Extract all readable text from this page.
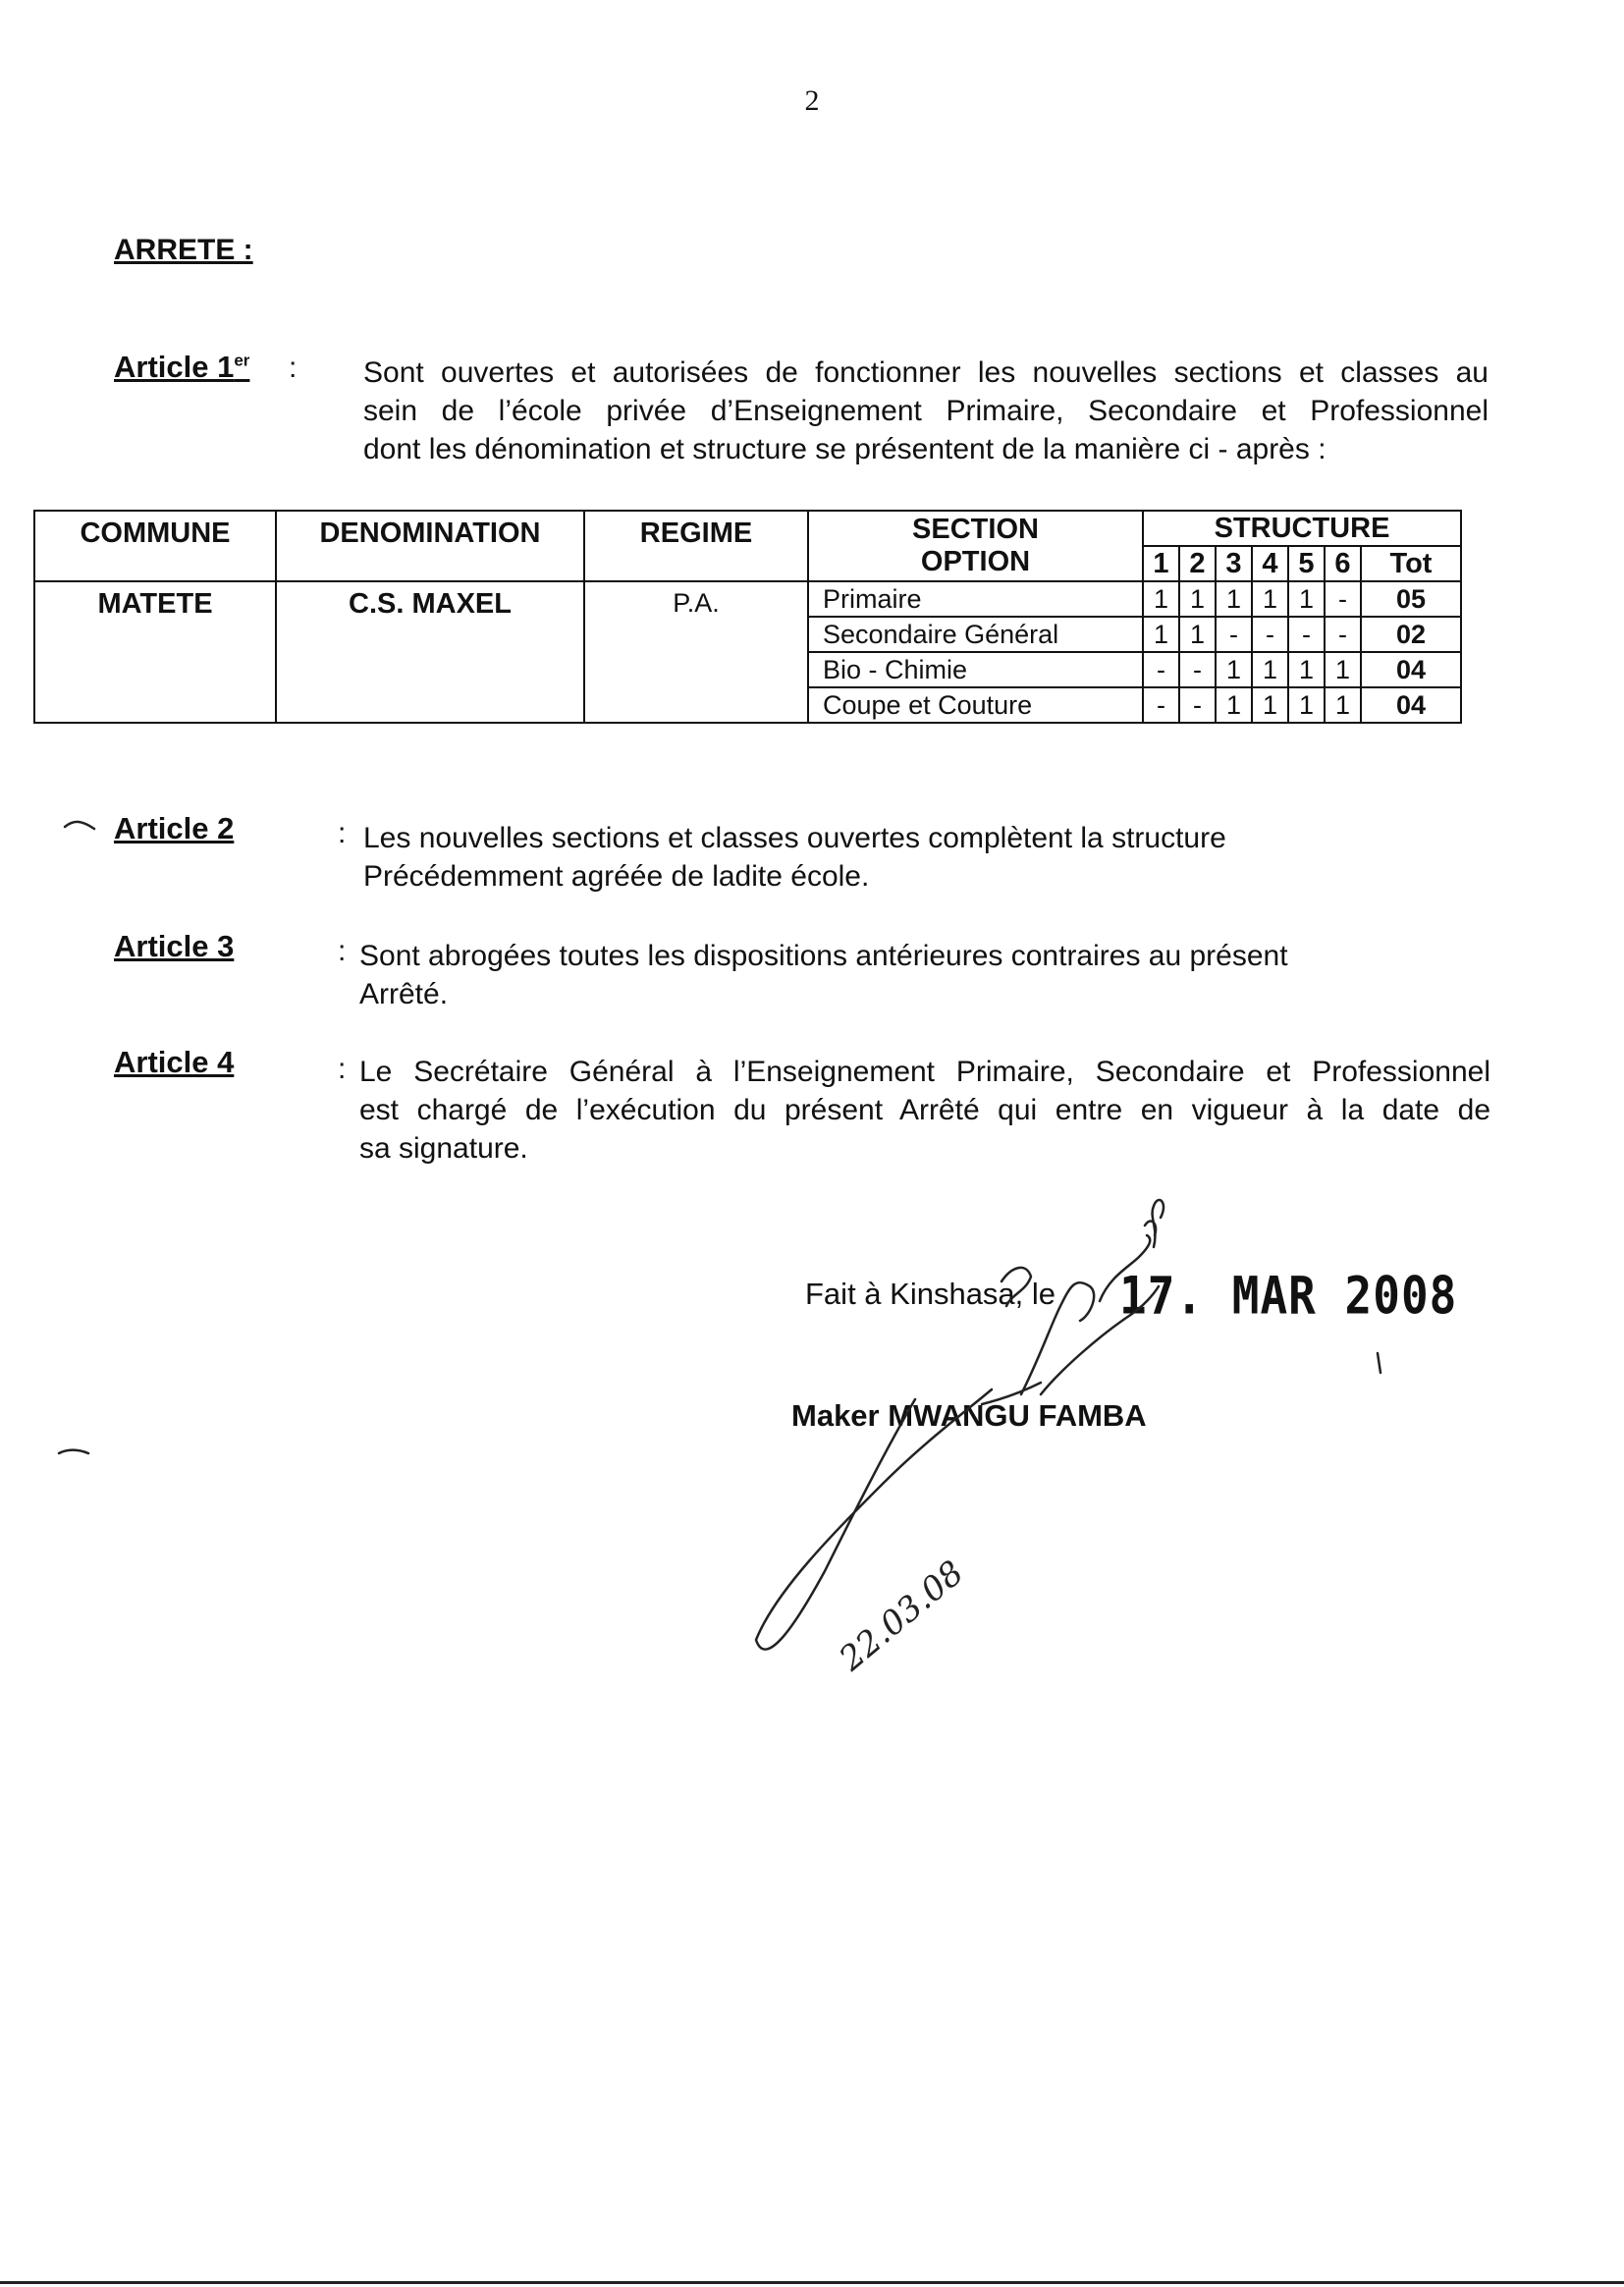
2
ARRETE :
Article 1er : Sont ouvertes et autorisées de fonctionner les nouvelles sections et classes au
sein de l’école privée d’Enseignement Primaire, Secondaire et Professionnel
dont les dénomination et structure se présentent de la manière ci - après :
COMMUNE	DENOMINATION	REGIME	SECTION
OPTION	STRUCTURE						
				1	2	3	4	5	6	Tot
MATETE	C.S. MAXEL	P.A.	Primaire	1	1	1	1	1	-	05
			Secondaire Général	1	1	-	-	-	-	02
			Bio - Chimie	-	-	1	1	1	1	04
			Coupe et Couture	-	-	1	1	1	1	04
Article 2	: Les nouvelles sections et classes ouvertes complètent la structure
Précédemment agréée de ladite école.
Article 3	: Sont abrogées toutes les dispositions antérieures contraires au présent
Arrêté.
Article 4	: Le Secrétaire Général à l’Enseignement Primaire, Secondaire et Professionnel
est chargé de l’exécution du présent Arrêté qui entre en vigueur à la date de
sa signature.
Fait à Kinshasa, le 17. MAR 2008
Maker MWANGU FAMBA
22.03.08
